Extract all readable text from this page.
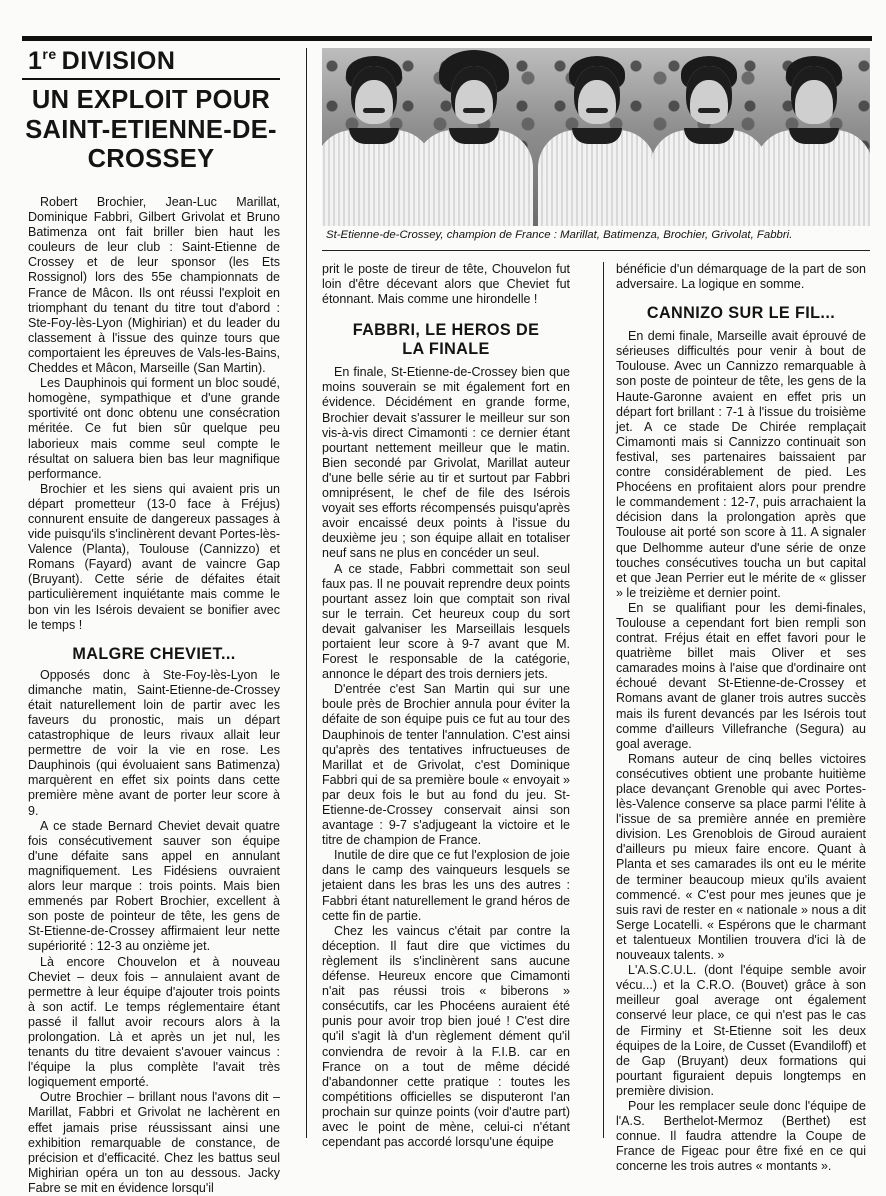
1re DIVISION
UN EXPLOIT POUR SAINT-ETIENNE-DE-CROSSEY
St-Etienne-de-Crossey, champion de France : Marillat, Batimenza, Brochier, Grivolat, Fabbri.

Robert Brochier, Jean-Luc Marillat, Dominique Fabbri, Gilbert Grivolat et Bruno Batimenza ont fait briller bien haut les couleurs de leur club : Saint-Etienne de Crossey et de leur sponsor (les Ets Rossignol) lors des 55e championnats de France de Mâcon. Ils ont réussi l'exploit en triomphant du tenant du titre tout d'abord : Ste-Foy-lès-Lyon (Mighirian) et du leader du classement à l'issue des quinze tours que comportaient les épreuves de Vals-les-Bains, Cheddes et Mâcon, Marseille (San Martin).

Les Dauphinois qui forment un bloc soudé, homogène, sympathique et d'une grande sportivité ont donc obtenu une consécration méritée. Ce fut bien sûr quelque peu laborieux mais comme seul compte le résultat on saluera bien bas leur magnifique performance.

Brochier et les siens qui avaient pris un départ prometteur (13-0 face à Fréjus) connurent ensuite de dangereux passages à vide puisqu'ils s'inclinèrent devant Portes-lès-Valence (Planta), Toulouse (Cannizzo) et Romans (Fayard) avant de vaincre Gap (Bruyant). Cette série de défaites était particulièrement inquiétante mais comme le bon vin les Isérois devaient se bonifier avec le temps !

MALGRE CHEVIET...

Opposés donc à Ste-Foy-lès-Lyon le dimanche matin, Saint-Etienne-de-Crossey était naturellement loin de partir avec les faveurs du pronostic, mais un départ catastrophique de leurs rivaux allait leur permettre de voir la vie en rose. Les Dauphinois (qui évoluaient sans Batimenza) marquèrent en effet six points dans cette première mène avant de porter leur score à 9.

A ce stade Bernard Cheviet devait quatre fois consécutivement sauver son équipe d'une défaite sans appel en annulant magnifiquement. Les Fidésiens ouvraient alors leur marque : trois points. Mais bien emmenés par Robert Brochier, excellent à son poste de pointeur de tête, les gens de St-Etienne-de-Crossey affirmaient leur nette supériorité : 12-3 au onzième jet.

Là encore Chouvelon et à nouveau Cheviet – deux fois – annulaient avant de permettre à leur équipe d'ajouter trois points à son actif. Le temps réglementaire étant passé il fallut avoir recours alors à la prolongation. Là et après un jet nul, les tenants du titre devaient s'avouer vaincus : l'équipe la plus complète l'avait très logiquement emporté.

Outre Brochier – brillant nous l'avons dit – Marillat, Fabbri et Grivolat ne lachèrent en effet jamais prise réussissant ainsi une exhibition remarquable de constance, de précision et d'efficacité. Chez les battus seul Mighirian opéra un ton au dessous. Jacky Fabre se mit en évidence lorsqu'il

prit le poste de tireur de tête, Chouvelon fut loin d'être décevant alors que Cheviet fut étonnant. Mais comme une hirondelle !

FABBRI, LE HEROS DE LA FINALE

En finale, St-Etienne-de-Crossey bien que moins souverain se mit également fort en évidence. Décidément en grande forme, Brochier devait s'assurer le meilleur sur son vis-à-vis direct Cimamonti : ce dernier étant pourtant nettement meilleur que le matin. Bien secondé par Grivolat, Marillat auteur d'une belle série au tir et surtout par Fabbri omniprésent, le chef de file des Isérois voyait ses efforts récompensés puisqu'après avoir encaissé deux points à l'issue du deuxième jeu ; son équipe allait en totaliser neuf sans ne plus en concéder un seul.

A ce stade, Fabbri commettait son seul faux pas. Il ne pouvait reprendre deux points pourtant assez loin que comptait son rival sur le terrain. Cet heureux coup du sort devait galvaniser les Marseillais lesquels portaient leur score à 9-7 avant que M. Forest le responsable de la catégorie, annonce le départ des trois derniers jets.

D'entrée c'est San Martin qui sur une boule près de Brochier annula pour éviter la défaite de son équipe puis ce fut au tour des Dauphinois de tenter l'annulation. C'est ainsi qu'après des tentatives infructueuses de Marillat et de Grivolat, c'est Dominique Fabbri qui de sa première boule « envoyait » par deux fois le but au fond du jeu. St-Etienne-de-Crossey conservait ainsi son avantage : 9-7 s'adjugeant la victoire et le titre de champion de France.

Inutile de dire que ce fut l'explosion de joie dans le camp des vainqueurs lesquels se jetaient dans les bras les uns des autres : Fabbri étant naturellement le grand héros de cette fin de partie.

Chez les vaincus c'était par contre la déception. Il faut dire que victimes du règlement ils s'inclinèrent sans aucune défense. Heureux encore que Cimamonti n'ait pas réussi trois « biberons » consécutifs, car les Phocéens auraient été punis pour avoir trop bien joué ! C'est dire qu'il s'agit là d'un règlement dément qu'il conviendra de revoir à la F.I.B. car en France on a tout de même décidé d'abandonner cette pratique : toutes les compétitions officielles se disputeront l'an prochain sur quinze points (voir d'autre part) avec le point de mène, celui-ci n'étant cependant pas accordé lorsqu'une équipe

bénéficie d'un démarquage de la part de son adversaire. La logique en somme.

CANNIZO SUR LE FIL...

En demi finale, Marseille avait éprouvé de sérieuses difficultés pour venir à bout de Toulouse. Avec un Cannizzo remarquable à son poste de pointeur de tête, les gens de la Haute-Garonne avaient en effet pris un départ fort brillant : 7-1 à l'issue du troisième jet. A ce stade De Chirée remplaçait Cimamonti mais si Cannizzo continuait son festival, ses partenaires baissaient par contre considérablement de pied. Les Phocéens en profitaient alors pour prendre le commandement : 12-7, puis arrachaient la décision dans la prolongation après que Toulouse ait porté son score à 11. A signaler que Delhomme auteur d'une série de onze touches consécutives toucha un but capital et que Jean Perrier eut le mérite de « glisser » le treizième et dernier point.

En se qualifiant pour les demi-finales, Toulouse a cependant fort bien rempli son contrat. Fréjus était en effet favori pour le quatrième billet mais Oliver et ses camarades moins à l'aise que d'ordinaire ont échoué devant St-Etienne-de-Crossey et Romans avant de glaner trois autres succès mais ils furent devancés par les Isérois tout comme d'ailleurs Villefranche (Segura) au goal average.

Romans auteur de cinq belles victoires consécutives obtient une probante huitième place devançant Grenoble qui avec Portes-lès-Valence conserve sa place parmi l'élite à l'issue de sa première année en première division. Les Grenoblois de Giroud auraient d'ailleurs pu mieux faire encore. Quant à Planta et ses camarades ils ont eu le mérite de terminer beaucoup mieux qu'ils avaient commencé. « C'est pour mes jeunes que je suis ravi de rester en « nationale » nous a dit Serge Locatelli. « Espérons que le charmant et talentueux Montilien trouvera d'ici là de nouveaux talents. »

L'A.S.C.U.L. (dont l'équipe semble avoir vécu...) et la C.R.O. (Bouvet) grâce à son meilleur goal average ont également conservé leur place, ce qui n'est pas le cas de Firminy et St-Etienne soit les deux équipes de la Loire, de Cusset (Evandiloff) et de Gap (Bruyant) deux formations qui pourtant figuraient depuis longtemps en première division.

Pour les remplacer seule donc l'équipe de l'A.S. Berthelot-Mermoz (Berthet) est connue. Il faudra attendre la Coupe de France de Figeac pour être fixé en ce qui concerne les trois autres « montants ».
